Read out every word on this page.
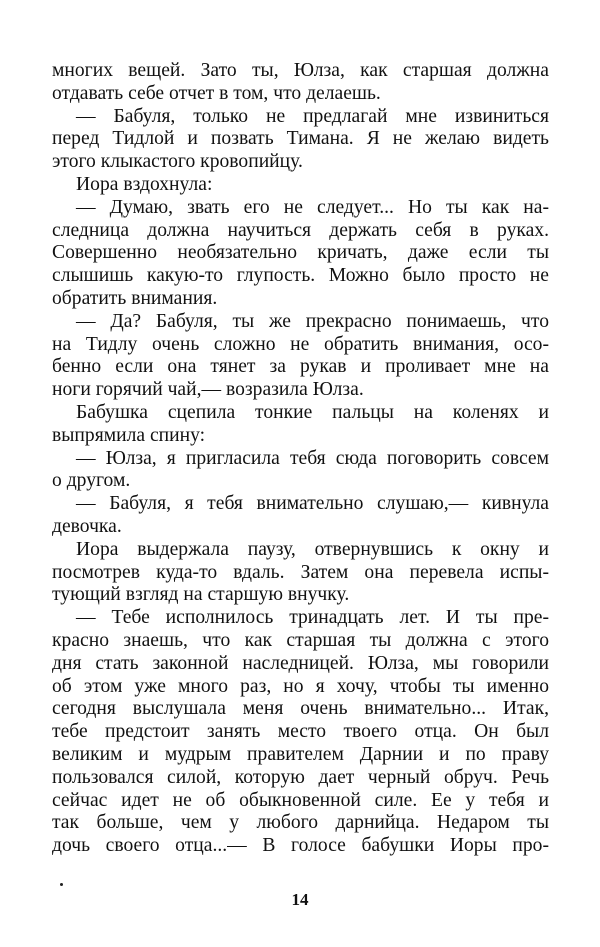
многих вещей. Зато ты, Юлза, как старшая должна
отдавать себе отчет в том, что делаешь.
— Бабуля, только не предлагай мне извиниться
перед Тидлой и позвать Тимана. Я не желаю видеть
этого клыкастого кровопийцу.
Иора вздохнула:
— Думаю, звать его не следует... Но ты как на-
следница должна научиться держать себя в руках.
Совершенно необязательно кричать, даже если ты
слышишь какую-то глупость. Можно было просто не
обратить внимания.
— Да? Бабуля, ты же прекрасно понимаешь, что
на Тидлу очень сложно не обратить внимания, осо-
бенно если она тянет за рукав и проливает мне на
ноги горячий чай,— возразила Юлза.
Бабушка сцепила тонкие пальцы на коленях и
выпрямила спину:
— Юлза, я пригласила тебя сюда поговорить совсем
о другом.
— Бабуля, я тебя внимательно слушаю,— кивнула
девочка.
Иора выдержала паузу, отвернувшись к окну и
посмотрев куда-то вдаль. Затем она перевела испы-
тующий взгляд на старшую внучку.
— Тебе исполнилось тринадцать лет. И ты пре-
красно знаешь, что как старшая ты должна с этого
дня стать законной наследницей. Юлза, мы говорили
об этом уже много раз, но я хочу, чтобы ты именно
сегодня выслушала меня очень внимательно... Итак,
тебе предстоит занять место твоего отца. Он был
великим и мудрым правителем Дарнии и по праву
пользовался силой, которую дает черный обруч. Речь
сейчас идет не об обыкновенной силе. Ее у тебя и
так больше, чем у любого дарнийца. Недаром ты
дочь своего отца...— В голосе бабушки Иоры про-
14
